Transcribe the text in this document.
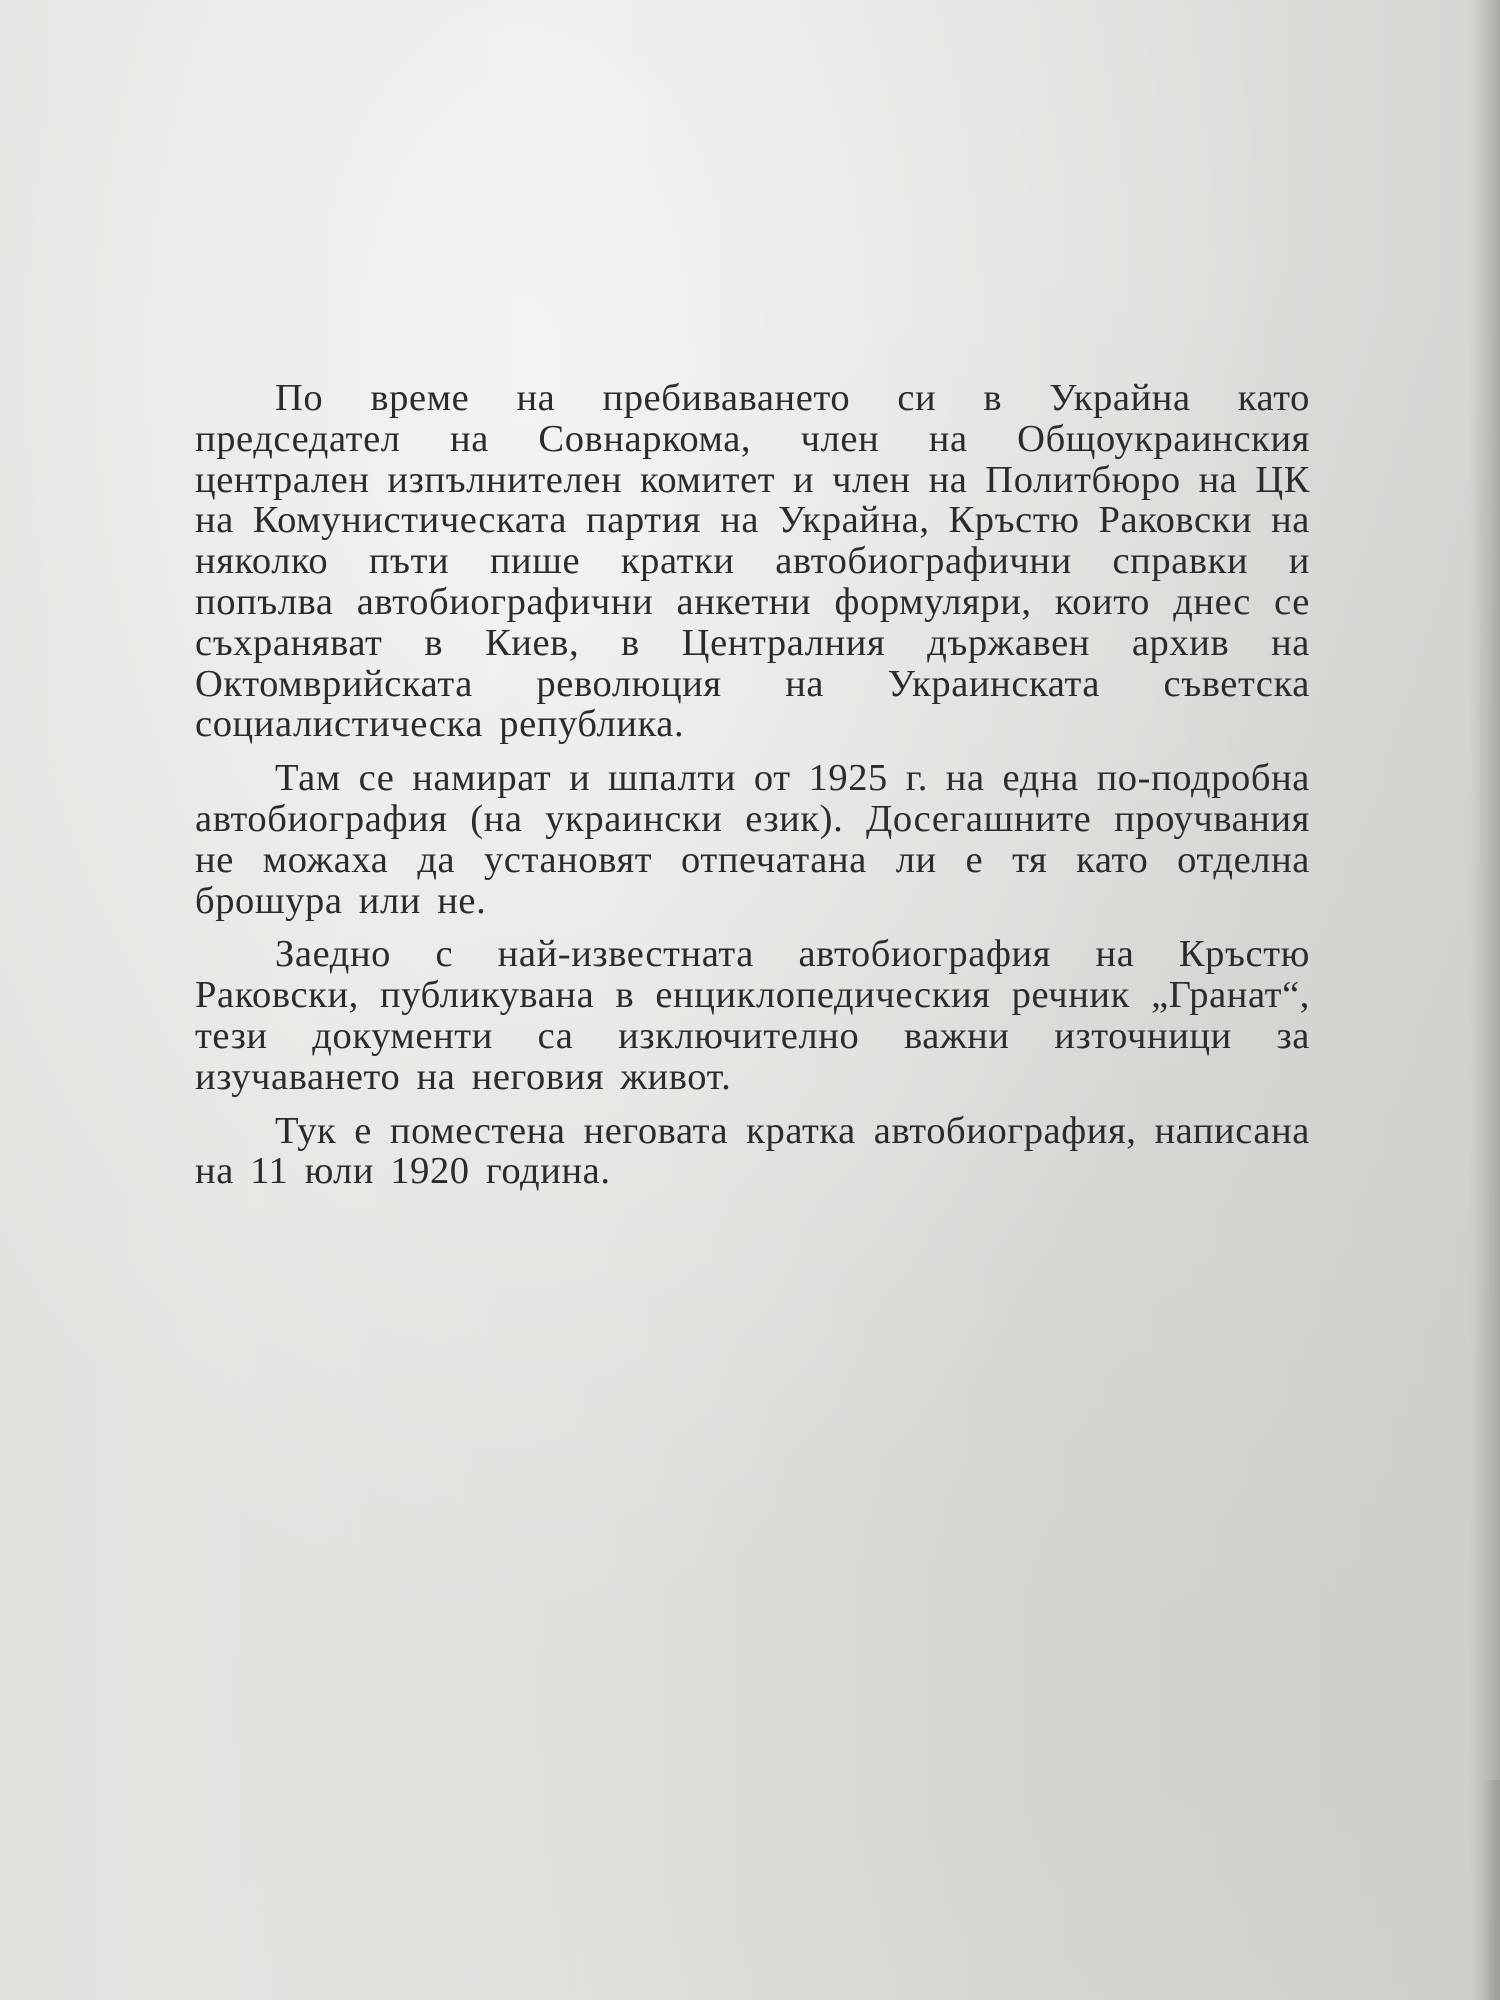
По време на пребиваването си в Украйна като председател на Совнаркома, член на Общоукраинския централен изпълнителен комитет и член на Политбюро на ЦК на Комунистическата партия на Украйна, Кръстю Раковски на няколко пъти пише кратки автобиографични справки и попълва автобиографични анкетни формуляри, които днес се съхраняват в Киев, в Централния държавен архив на Октомврийската революция на Украинската съветска социалистическа република.

Там се намират и шпалти от 1925 г. на една по-подробна автобиография (на украински език). Досегашните проучвания не можаха да установят отпечатана ли е тя като отделна брошура или не.

Заедно с най-известната автобиография на Кръстю Раковски, публикувана в енциклопедическия речник „Гранат“, тези документи са изключително важни източници за изучаването на неговия живот.

Тук е поместена неговата кратка автобиография, написана на 11 юли 1920 година.
